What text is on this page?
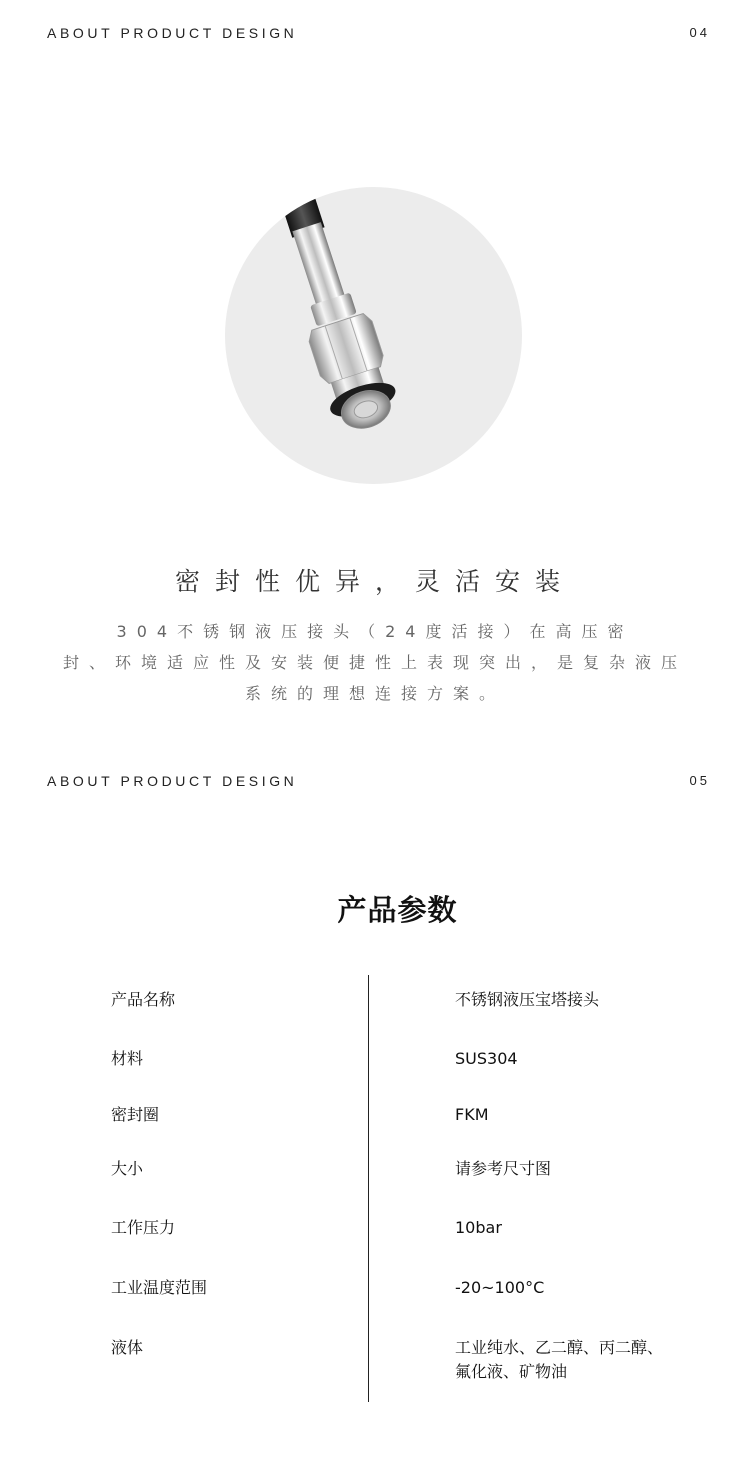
ABOUT PRODUCT DESIGN	04
密封性优异，灵活安装
304不锈钢液压接头（24度活接）在高压密
封、环境适应性及安装便捷性上表现突出，是复杂液压
系统的理想连接方案。
ABOUT PRODUCT DESIGN	05
产品参数
产品名称	不锈钢液压宝塔接头
材料	SUS304
密封圈	FKM
大小	请参考尺寸图
工作压力	10bar
工业温度范围	-20~100°C
液体	工业纯水、乙二醇、丙二醇、氟化液、矿物油
